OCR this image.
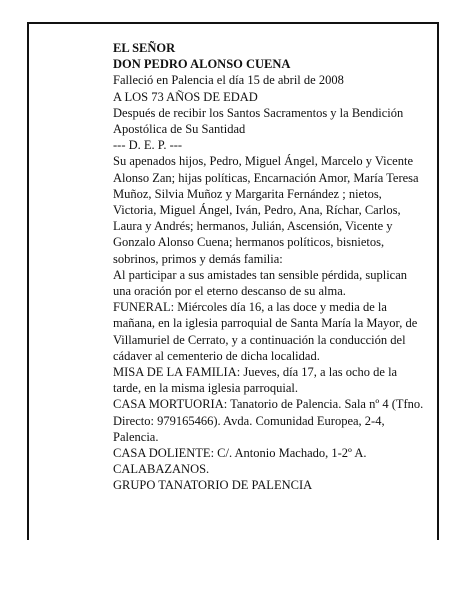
EL SEÑOR

DON PEDRO ALONSO CUENA

Falleció en Palencia el día 15 de abril de 2008

A LOS 73 AÑOS DE EDAD

Después de recibir los Santos Sacramentos y la Bendición Apostólica de Su Santidad

--- D. E. P. ---

Su apenados hijos, Pedro, Miguel Ángel, Marcelo y Vicente Alonso Zan; hijas políticas, Encarnación Amor, María Teresa Muñoz, Silvia Muñoz y Margarita Fernández ; nietos, Victoria, Miguel Ángel, Iván, Pedro, Ana, Ríchar, Carlos, Laura y Andrés; hermanos, Julián, Ascensión, Vicente y Gonzalo Alonso Cuena; hermanos políticos, bisnietos, sobrinos, primos y demás familia:

Al participar a sus amistades tan sensible pérdida, suplican una oración por el eterno descanso de su alma.

FUNERAL: Miércoles día 16, a las doce y media de la mañana, en la iglesia parroquial de Santa María la Mayor, de Villamuriel de Cerrato, y a continuación la conducción del cádaver al cementerio de dicha localidad.

MISA DE LA FAMILIA: Jueves, día 17, a las ocho de la tarde, en la misma iglesia parroquial.

CASA MORTUORIA: Tanatorio de Palencia. Sala nº 4 (Tfno. Directo: 979165466). Avda. Comunidad Europea, 2-4, Palencia.

CASA DOLIENTE: C/. Antonio Machado, 1-2º A. CALABAZANOS.

GRUPO TANATORIO DE PALENCIA
